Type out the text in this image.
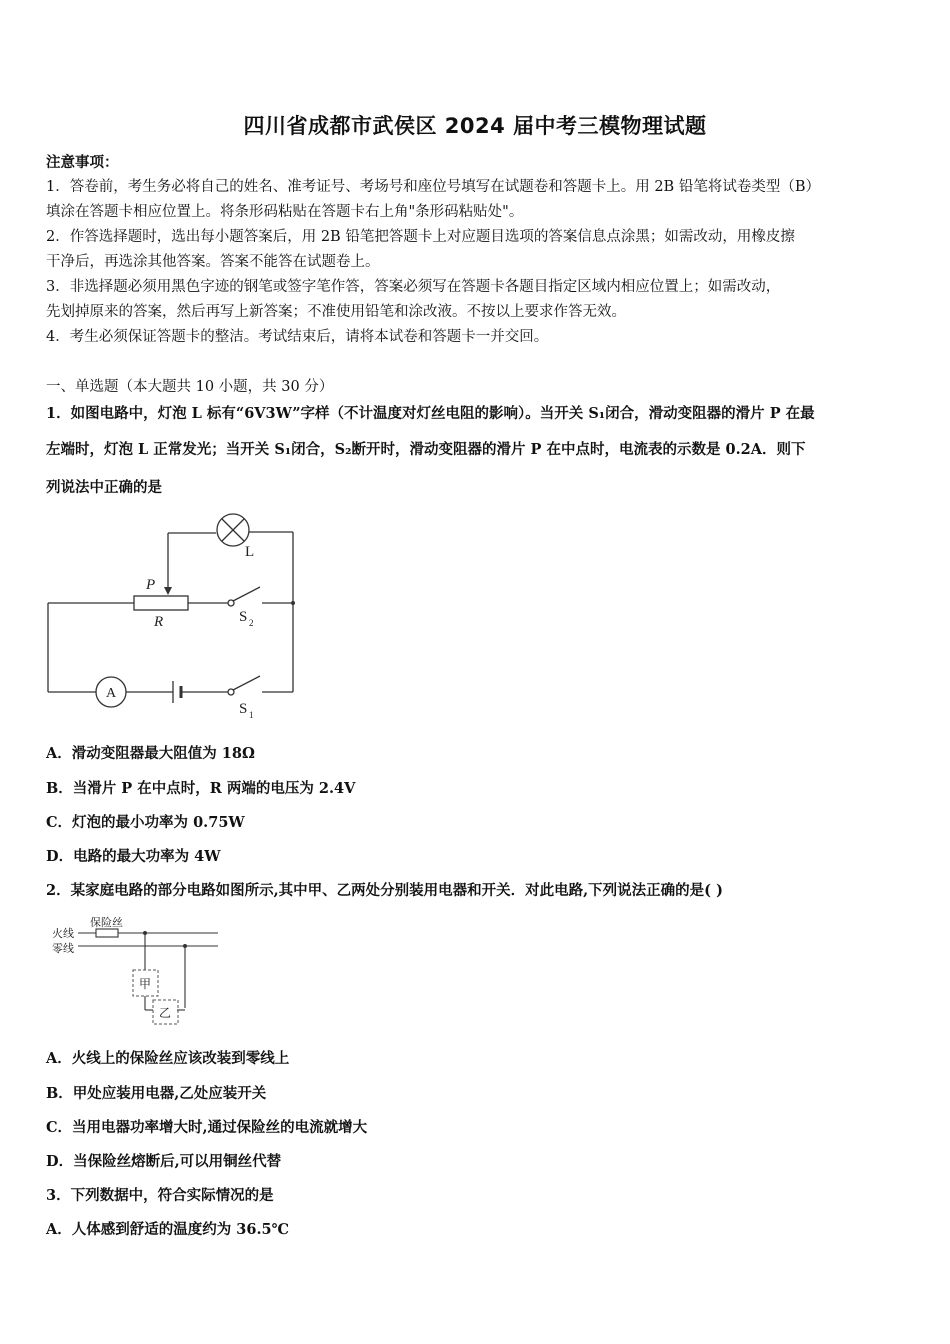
四川省成都市武侯区 2024 届中考三模物理试题

注意事项：

1．答卷前，考生务必将自己的姓名、准考证号、考场号和座位号填写在试题卷和答题卡上。用 2B 铅笔将试卷类型（B）

填涂在答题卡相应位置上。将条形码粘贴在答题卡右上角"条形码粘贴处"。

2．作答选择题时，选出每小题答案后，用 2B 铅笔把答题卡上对应题目选项的答案信息点涂黑；如需改动，用橡皮擦

干净后，再选涂其他答案。答案不能答在试题卷上。

3．非选择题必须用黑色字迹的钢笔或签字笔作答，答案必须写在答题卡各题目指定区域内相应位置上；如需改动，

先划掉原来的答案，然后再写上新答案；不准使用铅笔和涂改液。不按以上要求作答无效。

4．考生必须保证答题卡的整洁。考试结束后，请将本试卷和答题卡一并交回。

一、单选题（本大题共 10 小题，共 30 分）
1．如图电路中，灯泡 L 标有“6V3W”字样（不计温度对灯丝电阻的影响）。当开关 S₁闭合，滑动变阻器的滑片 P 在最
左端时，灯泡 L 正常发光；当开关 S₁闭合，S₂断开时，滑动变阻器的滑片 P 在中点时，电流表的示数是 0.2A．则下
列说法中正确的是
L
P
R	S 2
S 1
A
A．滑动变阻器最大阻值为 18Ω
B．当滑片 P 在中点时，R 两端的电压为 2.4V
C．灯泡的最小功率为 0.75W
D．电路的最大功率为 4W
2．某家庭电路的部分电路如图所示,其中甲、乙两处分别装用电器和开关．对此电路,下列说法正确的是( )
火线
零线
保险丝
甲
乙
A．火线上的保险丝应该改装到零线上
B．甲处应装用电器,乙处应装开关
C．当用电器功率增大时,通过保险丝的电流就增大
D．当保险丝熔断后,可以用铜丝代替
3．下列数据中，符合实际情况的是
A．人体感到舒适的温度约为 36.5℃
